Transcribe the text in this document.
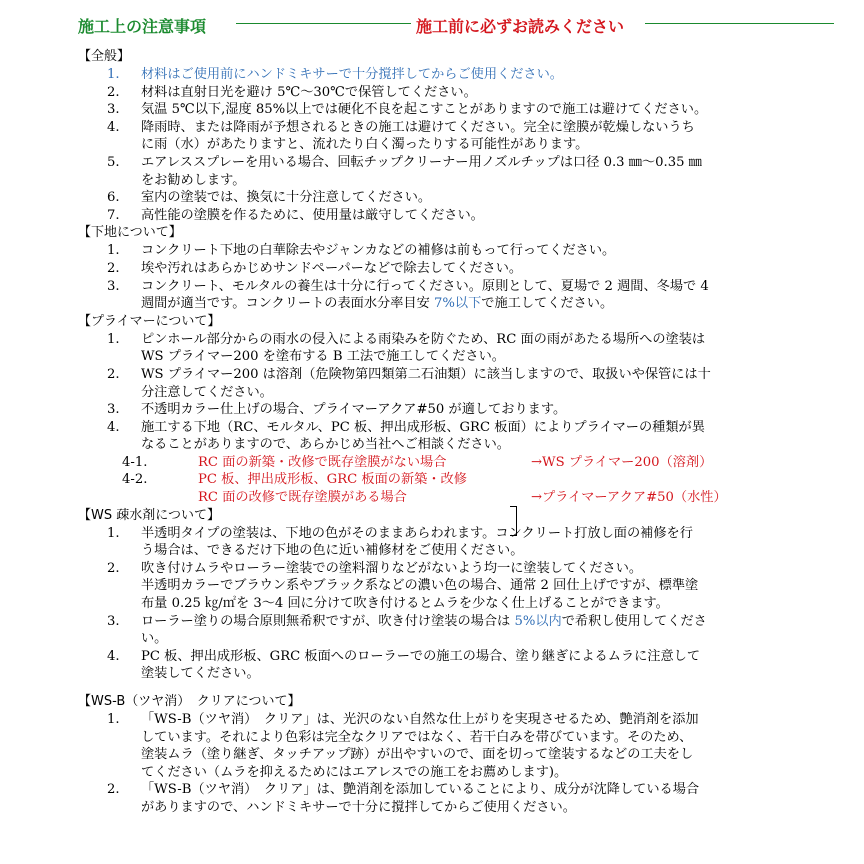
施工上の注意事項	施工前に必ずお読みください
【全般】
1. 材料はご使用前にハンドミキサーで十分撹拌してからご使用ください。
2. 材料は直射日光を避け 5℃～30℃で保管してください。
3. 気温 5℃以下,湿度 85%以上では硬化不良を起こすことがありますので施工は避けてください。
4. 降雨時、または降雨が予想されるときの施工は避けてください。完全に塗膜が乾燥しないうち
に雨（水）があたりますと、流れたり白く濁ったりする可能性があります。
5. エアレススプレーを用いる場合、回転チップクリーナー用ノズルチップは口径 0.3 ㎜～0.35 ㎜
をお勧めします。
6. 室内の塗装では、換気に十分注意してください。
7. 高性能の塗膜を作るために、使用量は厳守してください。
【下地について】
1. コンクリート下地の白華除去やジャンカなどの補修は前もって行ってください。
2. 埃や汚れはあらかじめサンドペーパーなどで除去してください。
3. コンクリート、モルタルの養生は十分に行ってください。原則として、夏場で 2 週間、冬場で 4
週間が適当です。コンクリートの表面水分率目安 7%以下で施工してください。
【プライマーについて】
1. ピンホール部分からの雨水の侵入による雨染みを防ぐため、RC 面の雨があたる場所への塗装は
WS プライマー200 を塗布する B 工法で施工してください。
2. WS プライマー200 は溶剤（危険物第四類第二石油類）に該当しますので、取扱いや保管には十
分注意してください。
3. 不透明カラー仕上げの場合、プライマーアクア#50 が適しております。
4. 施工する下地（RC、モルタル、PC 板、押出成形板、GRC 板面）によりプライマーの種類が異
なることがありますので、あらかじめ当社へご相談ください。
4-1.	RC 面の新築・改修で既存塗膜がない場合	→WS プライマー200（溶剤）
4-2.	PC 板、押出成形板、GRC 板面の新築・改修
RC 面の改修で既存塗膜がある場合	→プライマーアクア#50（水性）
【WS 疎水剤について】
1. 半透明タイプの塗装は、下地の色がそのままあらわれます。コンクリート打放し面の補修を行
う場合は、できるだけ下地の色に近い補修材をご使用ください。
2. 吹き付けムラやローラー塗装での塗料溜りなどがないよう均一に塗装してください。
半透明カラーでブラウン系やブラック系などの濃い色の場合、通常 2 回仕上げですが、標準塗
布量 0.25 ㎏/㎡を 3～4 回に分けて吹き付けるとムラを少なく仕上げることができます。
3. ローラー塗りの場合原則無希釈ですが、吹き付け塗装の場合は 5%以内で希釈し使用してくださ
い。
4. PC 板、押出成形板、GRC 板面へのローラーでの施工の場合、塗り継ぎによるムラに注意して
塗装してください。
【WS-B（ツヤ消）　クリアについて】
1. 「WS-B（ツヤ消）　クリア」は、光沢のない自然な仕上がりを実現させるため、艶消剤を添加
しています。それにより色彩は完全なクリアではなく、若干白みを帯びています。そのため、
塗装ムラ（塗り継ぎ、タッチアップ跡）が出やすいので、面を切って塗装するなどの工夫をし
てください（ムラを抑えるためにはエアレスでの施工をお薦めします)。
2. 「WS-B（ツヤ消）　クリア」は、艶消剤を添加していることにより、成分が沈降している場合
がありますので、ハンドミキサーで十分に撹拌してからご使用ください。
